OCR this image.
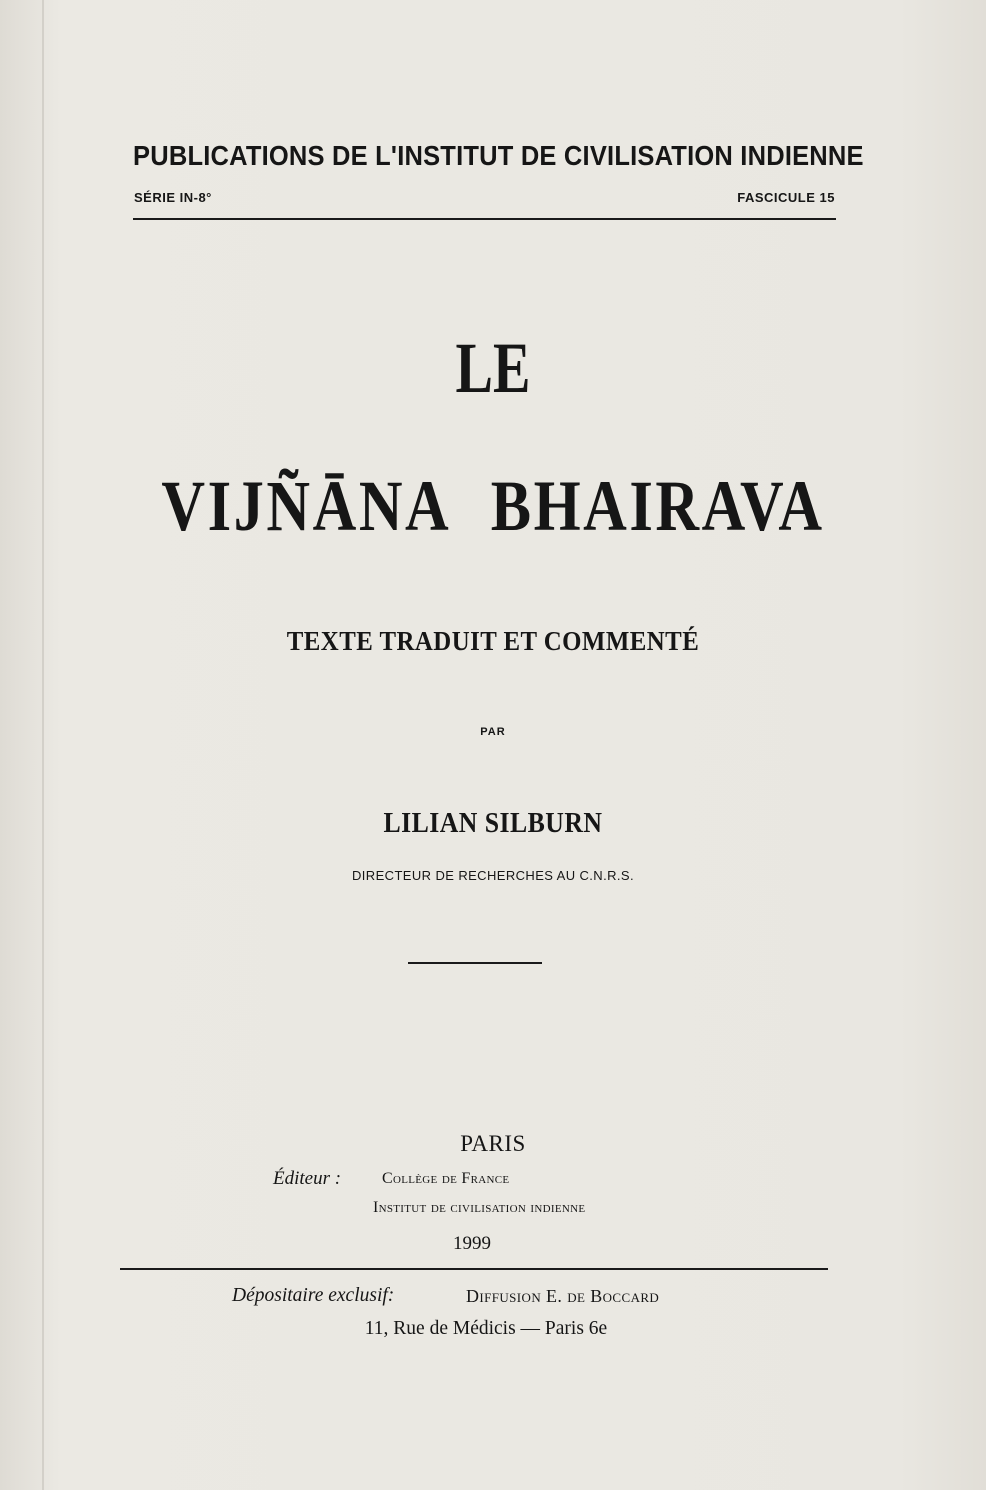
PUBLICATIONS DE L'INSTITUT DE CIVILISATION INDIENNE
SÉRIE IN-8°	FASCICULE 15
LE
VIJÑĀNA BHAIRAVA
TEXTE TRADUIT ET COMMENTÉ
PAR
LILIAN SILBURN
DIRECTEUR DE RECHERCHES AU C.N.R.S.
PARIS
Éditeur :	Collège de France
Institut de civilisation indienne
1999
Dépositaire exclusif:	Diffusion E. de Boccard
11, Rue de Médicis — Paris 6e
